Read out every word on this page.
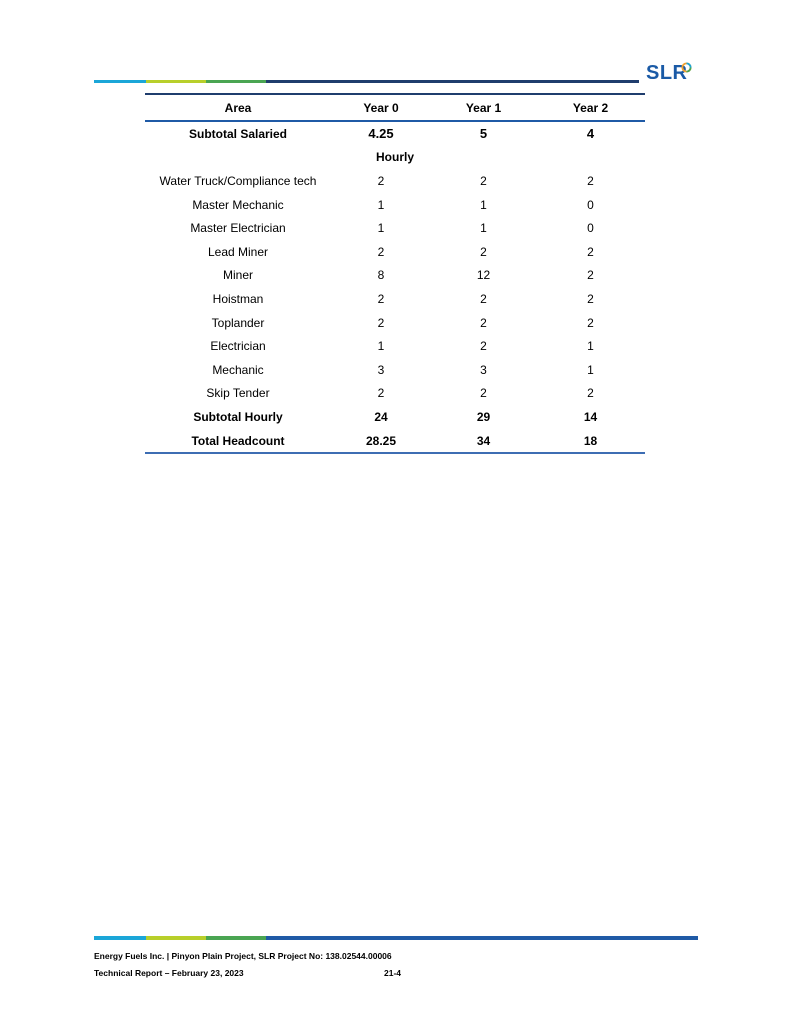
SLR
Area	Year 0	Year 1	Year 2
Subtotal Salaried	4.25	5	4
	Hourly		
Water Truck/Compliance tech	2	2	2
Master Mechanic	1	1	0
Master Electrician	1	1	0
Lead Miner	2	2	2
Miner	8	12	2
Hoistman	2	2	2
Toplander	2	2	2
Electrician	1	2	1
Mechanic	3	3	1
Skip Tender	2	2	2
Subtotal Hourly	24	29	14
Total Headcount	28.25	34	18
Energy Fuels Inc. | Pinyon Plain Project, SLR Project No: 138.02544.00006
Technical Report – February 23, 2023	21-4
